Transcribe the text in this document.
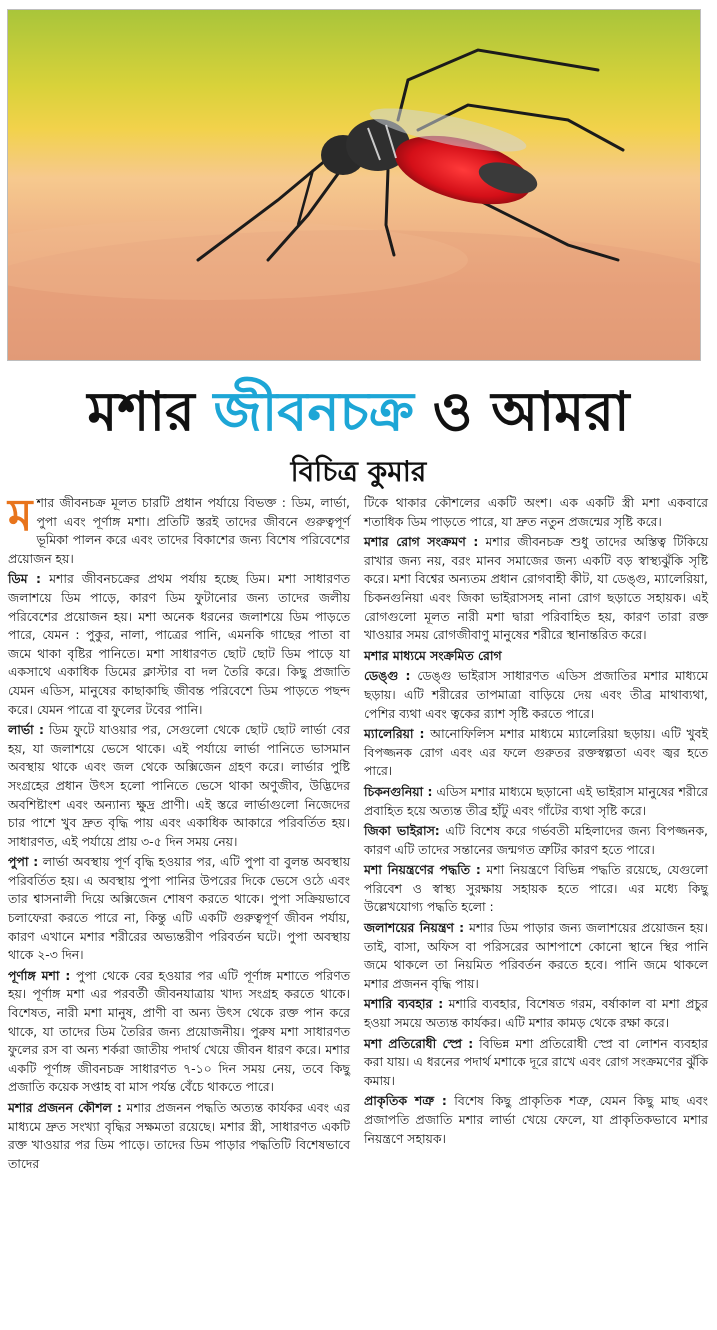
মশার জীবনচক্র ও আমরা
বিচিত্র কুমার

মশার জীবনচক্র মূলত চারটি প্রধান পর্যায়ে বিভক্ত : ডিম, লার্ভা, পুপা এবং পূর্ণাঙ্গ মশা। প্রতিটি স্তরই তাদের জীবনে গুরুত্বপূর্ণ ভূমিকা পালন করে এবং তাদের বিকাশের জন্য বিশেষ পরিবেশের প্রয়োজন হয়।

ডিম : মশার জীবনচক্রের প্রথম পর্যায় হচ্ছে ডিম। মশা সাধারণত জলাশয়ে ডিম পাড়ে, কারণ ডিম ফুটানোর জন্য তাদের জলীয় পরিবেশের প্রয়োজন হয়। মশা অনেক ধরনের জলাশয়ে ডিম পাড়তে পারে, যেমন : পুকুর, নালা, পাত্রের পানি, এমনকি গাছের পাতা বা জমে থাকা বৃষ্টির পানিতে। মশা সাধারণত ছোট ছোট ডিম পাড়ে যা একসাথে একাধিক ডিমের ক্লাস্টার বা দল তৈরি করে। কিছু প্রজাতি যেমন এডিস, মানুষের কাছাকাছি জীবন্ত পরিবেশে ডিম পাড়তে পছন্দ করে। যেমন পাত্রে বা ফুলের টবের পানি।

লার্ভা : ডিম ফুটে যাওয়ার পর, সেগুলো থেকে ছোট ছোট লার্ভা বের হয়, যা জলাশয়ে ভেসে থাকে। এই পর্যায়ে লার্ভা পানিতে ভাসমান অবস্থায় থাকে এবং জল থেকে অক্সিজেন গ্রহণ করে। লার্ভার পুষ্টি সংগ্রহের প্রধান উৎস হলো পানিতে ভেসে থাকা অণুজীব, উদ্ভিদের অবশিষ্টাংশ এবং অন্যান্য ক্ষুদ্র প্রাণী। এই স্তরে লার্ভাগুলো নিজেদের চার পাশে খুব দ্রুত বৃদ্ধি পায় এবং একাধিক আকারে পরিবর্তিত হয়। সাধারণত, এই পর্যায়ে প্রায় ৩-৫ দিন সময় নেয়।

পুপা : লার্ভা অবস্থায় পূর্ণ বৃদ্ধি হওয়ার পর, এটি পুপা বা বুলন্ত অবস্থায় পরিবর্তিত হয়। এ অবস্থায় পুপা পানির উপরের দিকে ভেসে ওঠে এবং তার শ্বাসনালী দিয়ে অক্সিজেন শোষণ করতে থাকে। পুপা সক্রিয়ভাবে চলাফেরা করতে পারে না, কিন্তু এটি একটি গুরুত্বপূর্ণ জীবন পর্যায়, কারণ এখানে মশার শরীরের অভ্যন্তরীণ পরিবর্তন ঘটে। পুপা অবস্থায় থাকে ২-৩ দিন।

পূর্ণাঙ্গ মশা : পুপা থেকে বের হওয়ার পর এটি পূর্ণাঙ্গ মশাতে পরিণত হয়। পূর্ণাঙ্গ মশা এর পরবর্তী জীবনযাত্রায় খাদ্য সংগ্রহ করতে থাকে। বিশেষত, নারী মশা মানুষ, প্রাণী বা অন্য উৎস থেকে রক্ত পান করে থাকে, যা তাদের ডিম তৈরির জন্য প্রয়োজনীয়। পুরুষ মশা সাধারণত ফুলের রস বা অন্য শর্করা জাতীয় পদার্থ খেয়ে জীবন ধারণ করে। মশার একটি পূর্ণাঙ্গ জীবনচক্র সাধারণত ৭-১০ দিন সময় নেয়, তবে কিছু প্রজাতি কয়েক সপ্তাহ বা মাস পর্যন্ত বেঁচে থাকতে পারে।

মশার প্রজনন কৌশল : মশার প্রজনন পদ্ধতি অত্যন্ত কার্যকর এবং এর মাধ্যমে দ্রুত সংখ্যা বৃদ্ধির সক্ষমতা রয়েছে। মশার স্ত্রী, সাধারণত একটি রক্ত খাওয়ার পর ডিম পাড়ে। তাদের ডিম পাড়ার পদ্ধতিটি বিশেষভাবে তাদের

টিকে থাকার কৌশলের একটি অংশ। এক একটি স্ত্রী মশা একবারে শতাধিক ডিম পাড়তে পারে, যা দ্রুত নতুন প্রজন্মের সৃষ্টি করে।

মশার রোগ সংক্রমণ : মশার জীবনচক্র শুধু তাদের অস্তিত্ব টিকিয়ে রাখার জন্য নয়, বরং মানব সমাজের জন্য একটি বড় স্বাস্থ্যঝুঁকি সৃষ্টি করে। মশা বিশ্বের অন্যতম প্রধান রোগবাহী কীট, যা ডেঙ্গু, ম্যালেরিয়া, চিকনগুনিয়া এবং জিকা ভাইরাসসহ নানা রোগ ছড়াতে সহায়ক। এই রোগগুলো মূলত নারী মশা দ্বারা পরিবাহিত হয়, কারণ তারা রক্ত খাওয়ার সময় রোগজীবাণু মানুষের শরীরে স্থানান্তরিত করে।

মশার মাধ্যমে সংক্রমিত রোগ

ডেঙ্গু : ডেঙ্গু ভাইরাস সাধারণত এডিস প্রজাতির মশার মাধ্যমে ছড়ায়। এটি শরীরের তাপমাত্রা বাড়িয়ে দেয় এবং তীব্র মাথাব্যথা, পেশির ব্যথা এবং ত্বকের র‍্যাশ সৃষ্টি করতে পারে।

ম্যালেরিয়া : আনোফিলিস মশার মাধ্যমে ম্যালেরিয়া ছড়ায়। এটি খুবই বিপজ্জনক রোগ এবং এর ফলে গুরুতর রক্তস্বল্পতা এবং জ্বর হতে পারে।

চিকনগুনিয়া : এডিস মশার মাধ্যমে ছড়ানো এই ভাইরাস মানুষের শরীরে প্রবাহিত হয়ে অত্যন্ত তীব্র হাঁটু এবং গাঁটের ব্যথা সৃষ্টি করে।

জিকা ভাইরাস: এটি বিশেষ করে গর্ভবতী মহিলাদের জন্য বিপজ্জনক, কারণ এটি তাদের সন্তানের জন্মগত ত্রুটির কারণ হতে পারে।

মশা নিয়ন্ত্রণের পদ্ধতি : মশা নিয়ন্ত্রণে বিভিন্ন পদ্ধতি রয়েছে, যেগুলো পরিবেশ ও স্বাস্থ্য সুরক্ষায় সহায়ক হতে পারে। এর মধ্যে কিছু উল্লেখযোগ্য পদ্ধতি হলো :

জলাশয়ের নিয়ন্ত্রণ : মশার ডিম পাড়ার জন্য জলাশয়ের প্রয়োজন হয়। তাই, বাসা, অফিস বা পরিসরের আশপাশে কোনো স্থানে স্থির পানি জমে থাকলে তা নিয়মিত পরিবর্তন করতে হবে। পানি জমে থাকলে মশার প্রজনন বৃদ্ধি পায়।

মশারি ব্যবহার : মশারি ব্যবহার, বিশেষত গরম, বর্ষাকাল বা মশা প্রচুর হওয়া সময়ে অত্যন্ত কার্যকর। এটি মশার কামড় থেকে রক্ষা করে।

মশা প্রতিরোধী স্প্রে : বিভিন্ন মশা প্রতিরোধী স্প্রে বা লোশন ব্যবহার করা যায়। এ ধরনের পদার্থ মশাকে দূরে রাখে এবং রোগ সংক্রমণের ঝুঁকি কমায়।

প্রাকৃতিক শত্রু : বিশেষ কিছু প্রাকৃতিক শত্রু, যেমন কিছু মাছ এবং প্রজাপতি প্রজাতি মশার লার্ভা খেয়ে ফেলে, যা প্রাকৃতিকভাবে মশার নিয়ন্ত্রণে সহায়ক।
